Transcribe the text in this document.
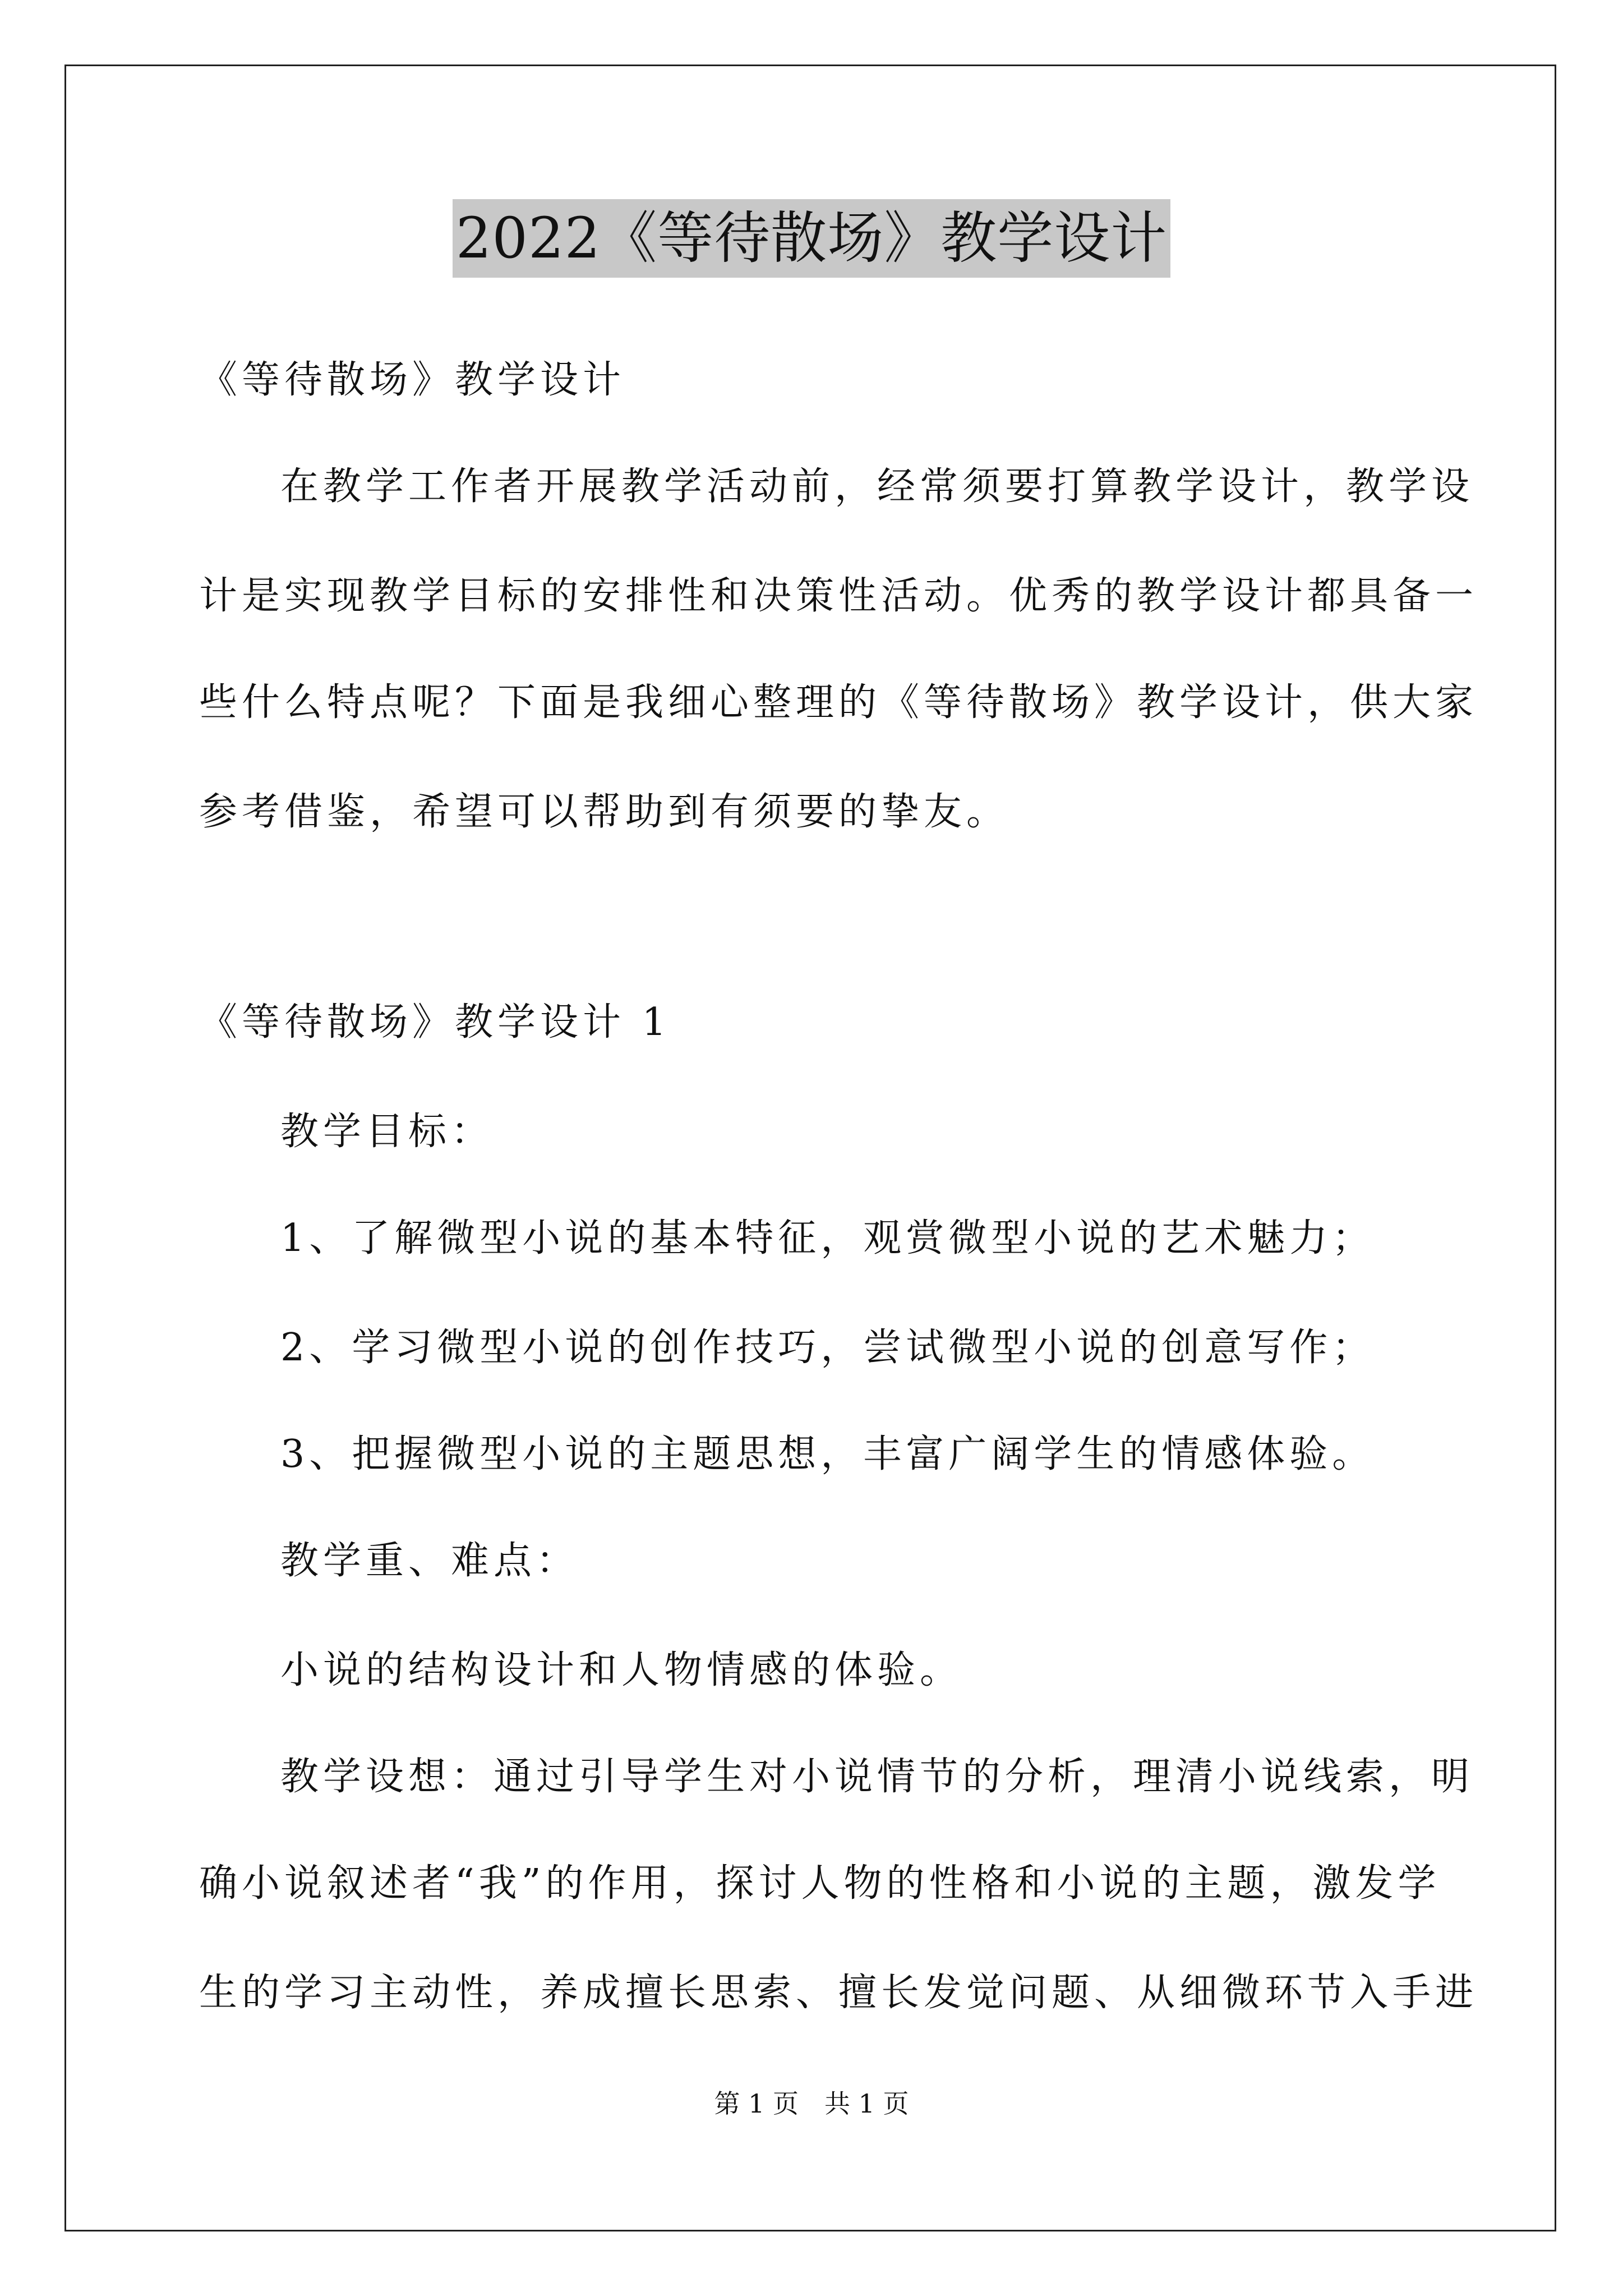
2022《等待散场》教学设计
《等待散场》教学设计
在教学工作者开展教学活动前，经常须要打算教学设计，教学设
计是实现教学目标的安排性和决策性活动。优秀的教学设计都具备一
些什么特点呢？下面是我细心整理的《等待散场》教学设计，供大家
参考借鉴，希望可以帮助到有须要的挚友。
《等待散场》教学设计 1
教学目标：
1、了解微型小说的基本特征，观赏微型小说的艺术魅力；
2、学习微型小说的创作技巧，尝试微型小说的创意写作；
3、把握微型小说的主题思想，丰富广阔学生的情感体验。
教学重、难点：
小说的结构设计和人物情感的体验。
教学设想：通过引导学生对小说情节的分析，理清小说线索，明
确小说叙述者“我”的作用，探讨人物的性格和小说的主题，激发学
生的学习主动性，养成擅长思索、擅长发觉问题、从细微环节入手进
第 1 页　共 1 页
